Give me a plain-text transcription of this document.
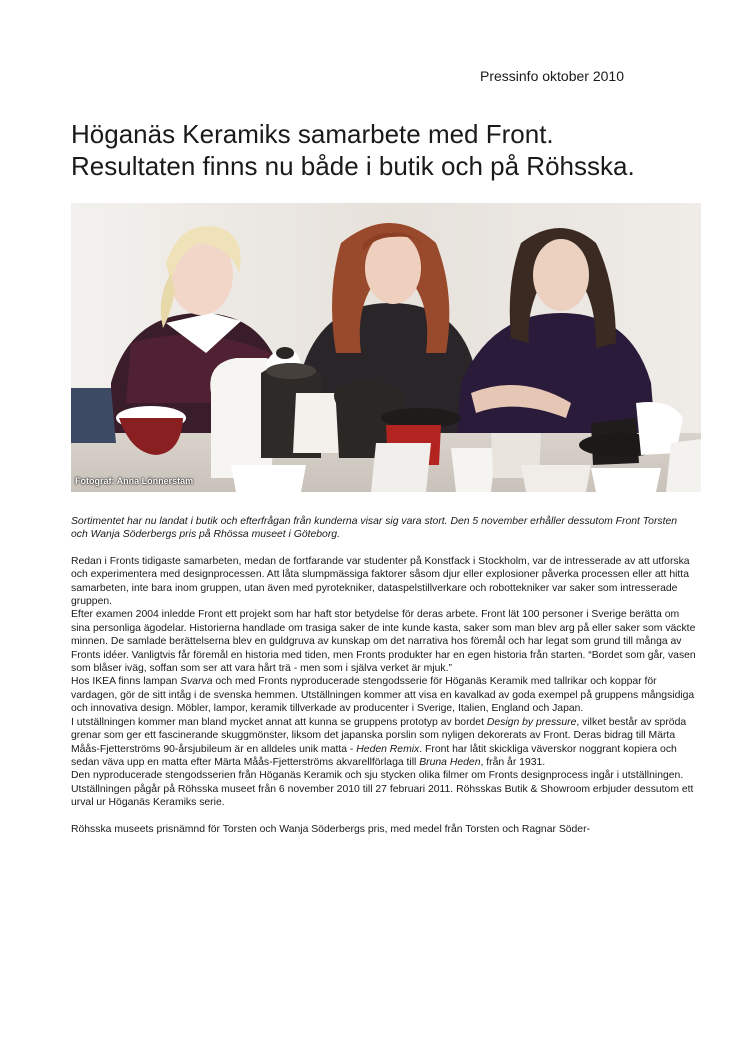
Pressinfo oktober 2010
Höganäs Keramiks samarbete med Front.
Resultaten finns nu både i butik och på Röhsska.
Fotograf: Anna Lönnerstam

Sortimentet har nu landat i butik och efterfrågan från kunderna visar sig vara stort. Den 5 november erhåller dessutom Front Torsten och Wanja Söderbergs pris på Rhössa museet i Göteborg.

Redan i Fronts tidigaste samarbeten, medan de fortfarande var studenter på Konstfack i Stockholm, var de intresserade av att utforska och experimentera med designprocessen. Att låta slumpmässiga faktorer såsom djur eller explosioner påverka processen eller att hitta samarbeten, inte bara inom gruppen, utan även med pyrotekniker, dataspelstillverkare och robottekniker var saker som intresserade gruppen.

Efter examen 2004 inledde Front ett projekt som har haft stor betydelse för deras arbete. Front lät 100 personer i Sverige berätta om sina personliga ägodelar. Historierna handlade om trasiga saker de inte kunde kasta, saker som man blev arg på eller saker som väckte minnen. De samlade berättelserna blev en guldgruva av kunskap om det narrativa hos föremål och har legat som grund till många av Fronts idéer. Vanligtvis får föremål en historia med tiden, men Fronts produkter har en egen historia från starten. “Bordet som går, vasen som blåser iväg, soffan som ser att vara hårt trä - men som i själva verket är mjuk.”

Hos IKEA finns lampan Svarva och med Fronts nyproducerade stengodsserie för Höganäs Keramik med tallrikar och koppar för vardagen, gör de sitt intåg i de svenska hemmen. Utställningen kommer att visa en kavalkad av goda exempel på gruppens mångsidiga och innovativa design. Möbler, lampor, keramik tillverkade av producenter i Sverige, Italien, England och Japan.

I utställningen kommer man bland mycket annat att kunna se gruppens prototyp av bordet Design by pressure, vilket består av spröda grenar som ger ett fascinerande skuggmönster, liksom det japanska porslin som nyligen dekorerats av Front. Deras bidrag till Märta Måås-Fjetterströms 90-årsjubileum är en alldeles unik matta - Heden Remix. Front har låtit skickliga väverskor noggrant kopiera och sedan väva upp en matta efter Märta Måås-Fjetterströms akvarellförlaga till Bruna Heden, från år 1931.

Den nyproducerade stengodsserien från Höganäs Keramik och sju stycken olika filmer om Fronts designprocess ingår i utställningen.

Utställningen pågår på Röhsska museet från 6 november 2010 till 27 februari 2011. Röhsskas Butik & Showroom erbjuder dessutom ett urval ur Höganäs Keramiks serie.

Röhsska museets prisnämnd för Torsten och Wanja Söderbergs pris, med medel från Torsten och Ragnar Söder-
